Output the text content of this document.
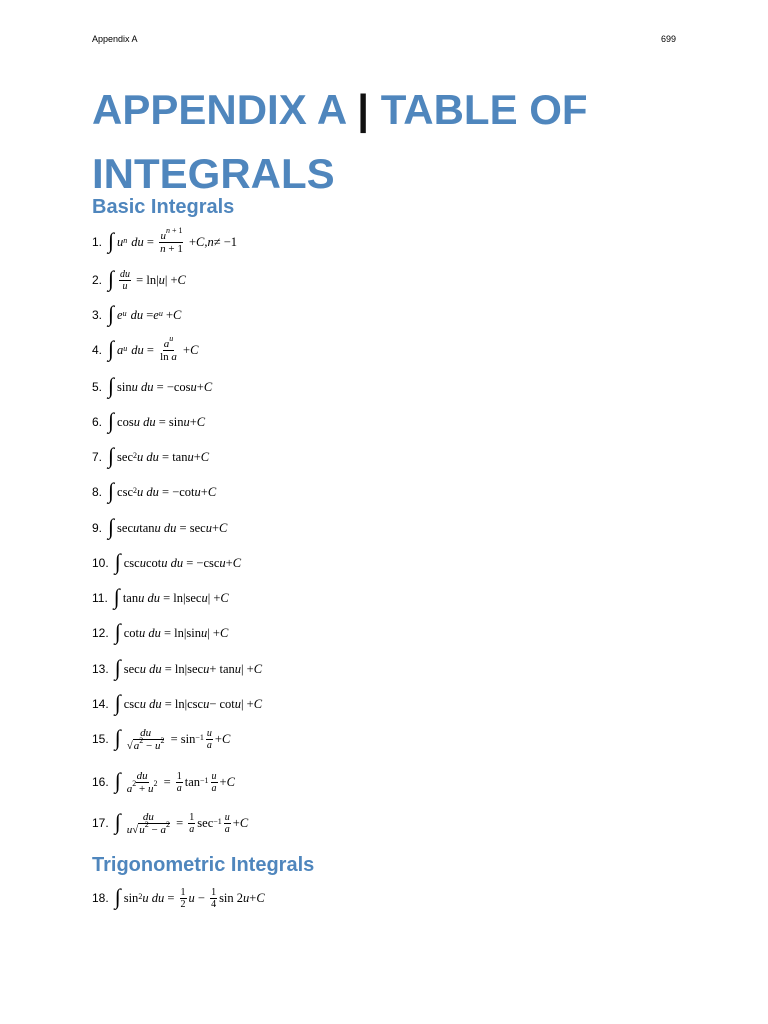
Appendix A	699
APPENDIX A | TABLE OF INTEGRALS
Basic Integrals
1. ∫ u $^n$ du = $\frac{u^{n + 1}}{n + 1} + C$ , n ≠ −1
2. ∫ $\frac{du}{u} = \ln|$ u | + C
3. ∫ e $^u$ du = e $^u$ + C
4. ∫ a $^u$ du = $\frac{a^u}{\text{ln a}} + C$
5. ∫ sin u du = −cos u + C
6. ∫ cos u du = sin u + C
7. ∫ $\sec^2 u$ du = tan u + C
8. ∫ $\csc^2 u$ du = −cot u + C
9. ∫ sec u tan u du = sec u + C
10. ∫ csc u cot u du = −csc u + C
11. ∫ tan u du = ln|sec u | + C
12. ∫ cot u du = ln|sin u | + C
13. ∫ sec u du = ln|sec u + tan u | + C
14. ∫ csc u du = ln|csc u − cot u | + C
15. ∫ $\frac{du}{√a^2 - u^2} = \sin^{-1} \frac{u}{a} + C$
16. ∫ $\frac{du}{a^2 + u^2} = \frac{1}{a} \tan^{-1} \frac{u}{a} + C$
17. ∫ $\frac{du}{u√u^2 - a^2} = \frac{1}{a} \sec^{-1} \frac{u}{a} + C$
Trigonometric Integrals
18. ∫ $\sin^2 u$ du = $\frac{1}{2}$ $u - \frac{1}{4}$ sin 2 u + C
